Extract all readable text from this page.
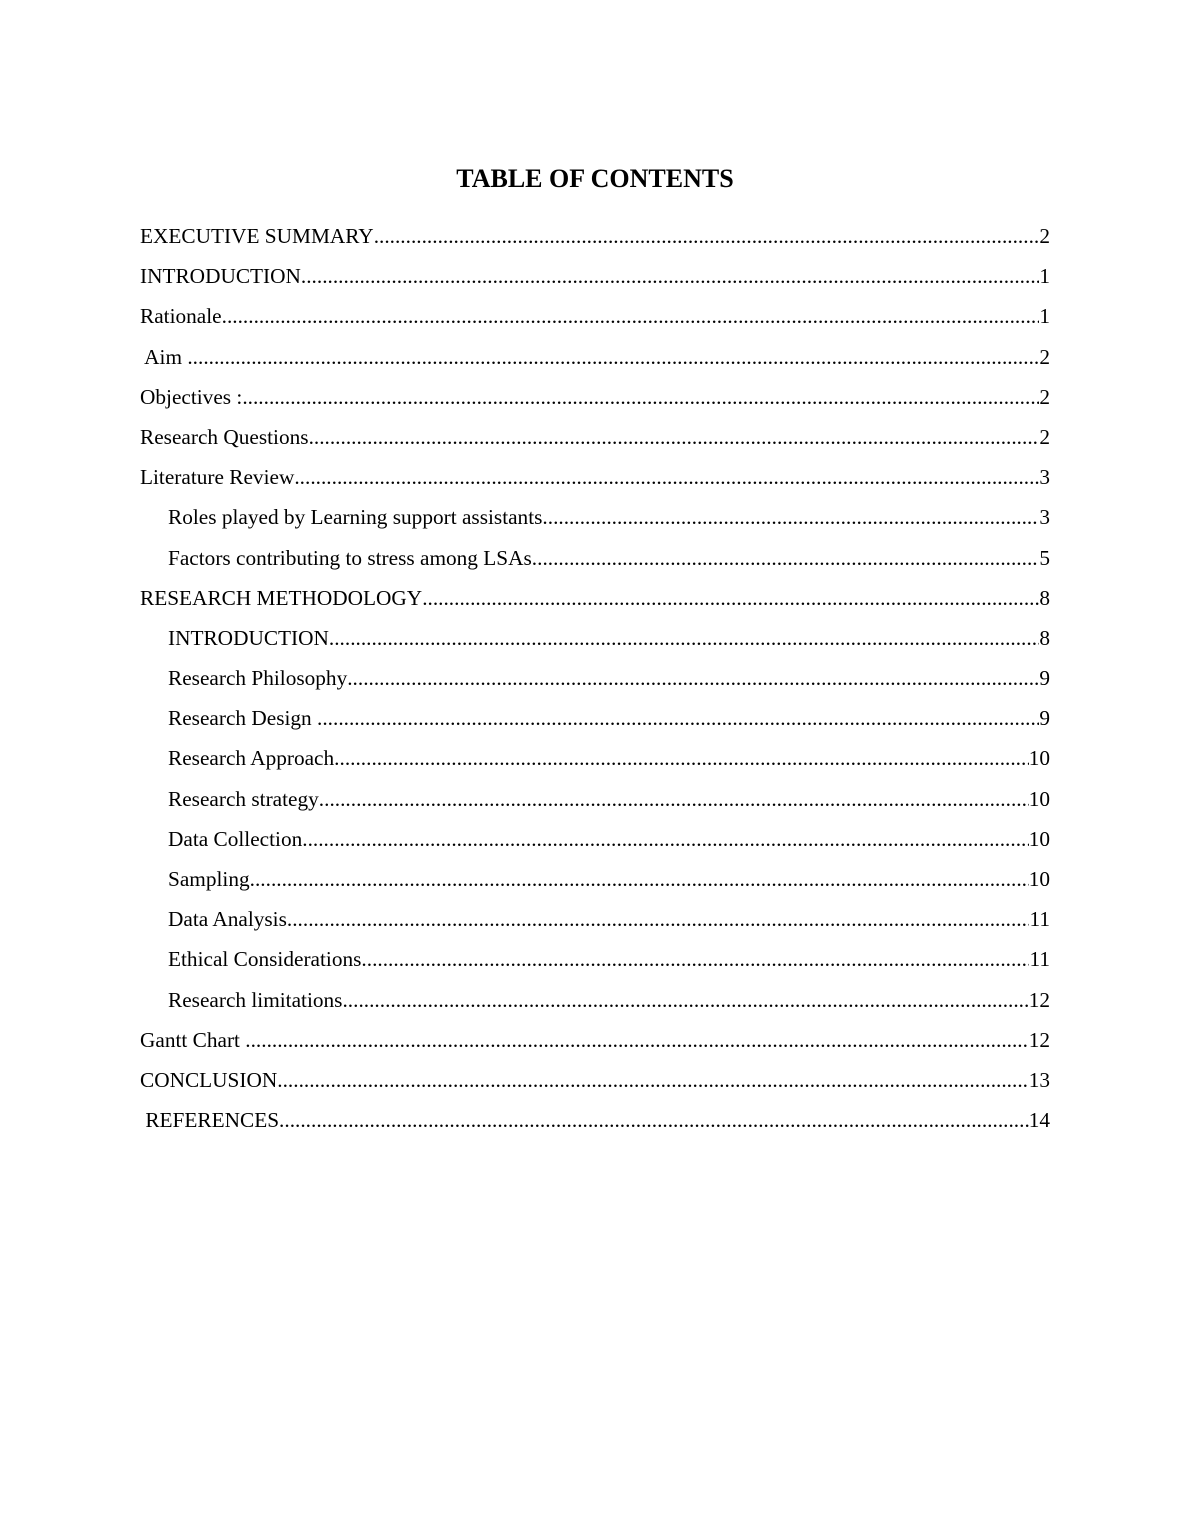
TABLE OF CONTENTS
EXECUTIVE SUMMARY .....	2
INTRODUCTION .....	1
Rationale .....	1
Aim .....	2
Objectives : .....	2
Research Questions .....	2
Literature Review .....	3
Roles played by Learning support assistants .....	3
Factors contributing to stress among LSAs .....	5
RESEARCH METHODOLOGY .....	8
INTRODUCTION .....	8
Research Philosophy .....	9
Research Design .....	9
Research Approach .....	10
Research strategy .....	10
Data Collection .....	10
Sampling .....	10
Data Analysis .....	11
Ethical Considerations .....	11
Research limitations .....	12
Gantt Chart .....	12
CONCLUSION .....	13
REFERENCES .....	14
